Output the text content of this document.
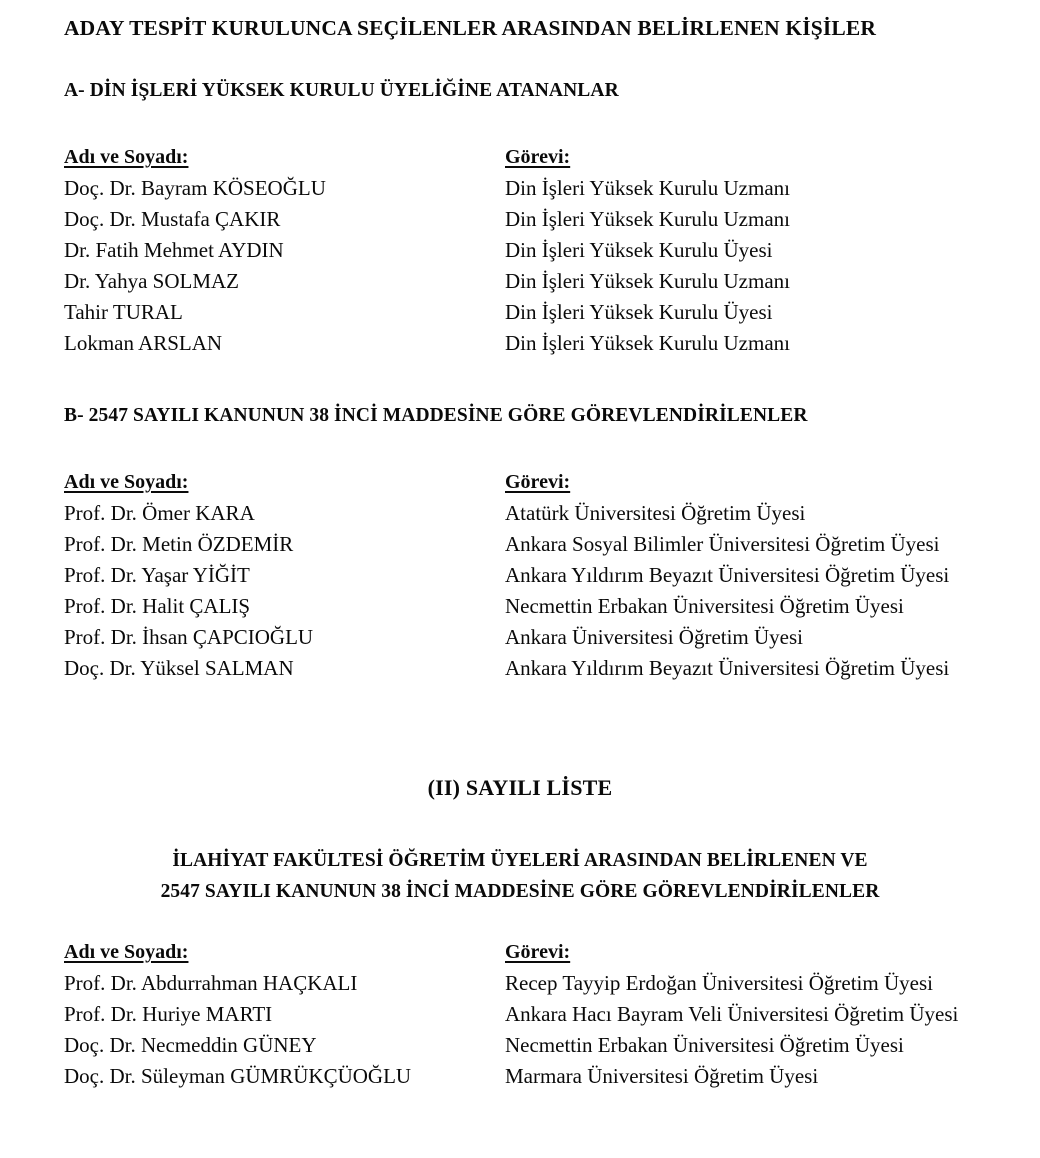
ADAY TESPİT KURULUNCA SEÇİLENLER ARASINDAN BELİRLENEN KİŞİLER
A- DİN İŞLERİ YÜKSEK KURULU ÜYELİĞİNE ATANANLAR
Adı ve Soyadı:	Görevi:
Doç. Dr. Bayram KÖSEOĞLU	Din İşleri Yüksek Kurulu Uzmanı
Doç. Dr. Mustafa ÇAKIR	Din İşleri Yüksek Kurulu Uzmanı
Dr. Fatih Mehmet AYDIN	Din İşleri Yüksek Kurulu Üyesi
Dr. Yahya SOLMAZ	Din İşleri Yüksek Kurulu Uzmanı
Tahir TURAL	Din İşleri Yüksek Kurulu Üyesi
Lokman ARSLAN	Din İşleri Yüksek Kurulu Uzmanı
B- 2547 SAYILI KANUNUN 38 İNCİ MADDESİNE GÖRE GÖREVLENDİRİLENLER
Adı ve Soyadı:	Görevi:
Prof. Dr. Ömer KARA	Atatürk Üniversitesi Öğretim Üyesi
Prof. Dr. Metin ÖZDEMİR	Ankara Sosyal Bilimler Üniversitesi Öğretim Üyesi
Prof. Dr. Yaşar YİĞİT	Ankara Yıldırım Beyazıt Üniversitesi Öğretim Üyesi
Prof. Dr. Halit ÇALIŞ	Necmettin Erbakan Üniversitesi Öğretim Üyesi
Prof. Dr. İhsan ÇAPCIOĞLU	Ankara Üniversitesi Öğretim Üyesi
Doç. Dr. Yüksel SALMAN	Ankara Yıldırım Beyazıt Üniversitesi Öğretim Üyesi
(II) SAYILI LİSTE
İLAHİYAT FAKÜLTESİ ÖĞRETİM ÜYELERİ ARASINDAN BELİRLENEN VE
2547 SAYILI KANUNUN 38 İNCİ MADDESİNE GÖRE GÖREVLENDİRİLENLER
Adı ve Soyadı:	Görevi:
Prof. Dr. Abdurrahman HAÇKALI	Recep Tayyip Erdoğan Üniversitesi Öğretim Üyesi
Prof. Dr. Huriye MARTI	Ankara Hacı Bayram Veli Üniversitesi Öğretim Üyesi
Doç. Dr. Necmeddin GÜNEY	Necmettin Erbakan Üniversitesi Öğretim Üyesi
Doç. Dr. Süleyman GÜMRÜKÇÜOĞLU	Marmara Üniversitesi Öğretim Üyesi
